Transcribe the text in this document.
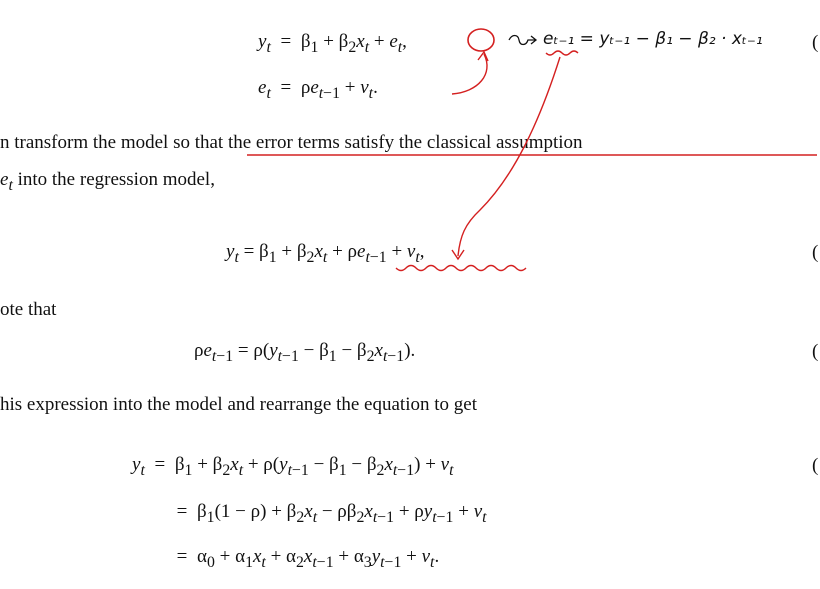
$y_t = \beta_1 + \beta_2x_t + e_t$,	(
$e_t = \rho e_{t-1} + v_t$.
n transform the model so that the error terms satisfy the classical assumption
$e_t$ into the regression model,
$y_t = \beta_1 + \beta_2x_t + \rho e_{t-1} + v_t$,	(
ote that
$\rho e_{t-1} = \rho(y_{t-1} - \beta_1 - \beta_2x_{t-1})$.	(
his expression into the model and rearrange the equation to get
$y_t = \beta_1 + \beta_2x_t + \rho(y_{t-1} - \beta_1 - \beta_2x_{t-1}) + v_t$	(
= $\beta_1(1 - \rho) + \beta_2x_t - \rho\beta_2x_{t-1} + \rho y_{t-1} + v_t$
= $\alpha_0 + \alpha_1x_t + \alpha_2x_{t-1} + \alpha_3y_{t-1} + v_t$.
eₜ₋₁ = yₜ₋₁ − β₁ − β₂ · xₜ₋₁
